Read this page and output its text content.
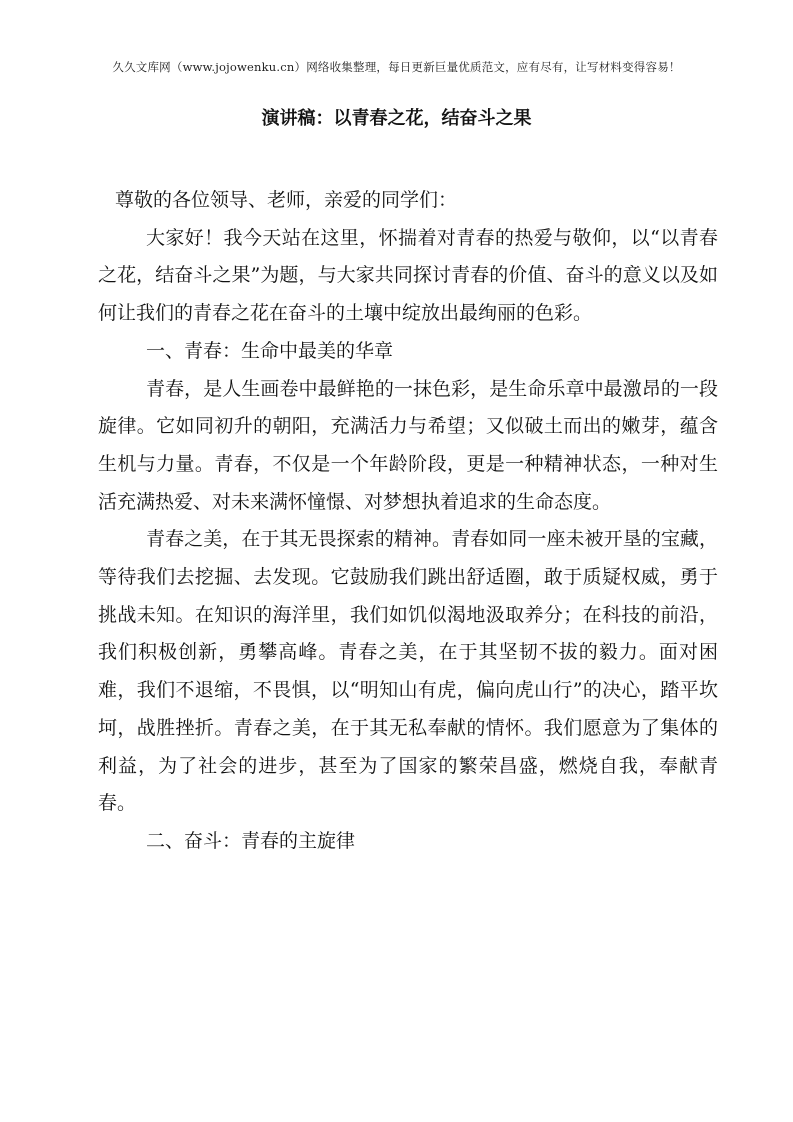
久久文库网（www.jojowenku.cn）网络收集整理，每日更新巨量优质范文，应有尽有，让写材料变得容易！
演讲稿：以青春之花，结奋斗之果

尊敬的各位领导、老师，亲爱的同学们：

大家好！我今天站在这里，怀揣着对青春的热爱与敬仰，以“以青春之花，结奋斗之果”为题，与大家共同探讨青春的价值、奋斗的意义以及如何让我们的青春之花在奋斗的土壤中绽放出最绚丽的色彩。

一、青春：生命中最美的华章

青春，是人生画卷中最鲜艳的一抹色彩，是生命乐章中最激昂的一段旋律。它如同初升的朝阳，充满活力与希望；又似破土而出的嫩芽，蕴含生机与力量。青春，不仅是一个年龄阶段，更是一种精神状态，一种对生活充满热爱、对未来满怀憧憬、对梦想执着追求的生命态度。

青春之美，在于其无畏探索的精神。青春如同一座未被开垦的宝藏，等待我们去挖掘、去发现。它鼓励我们跳出舒适圈，敢于质疑权威，勇于挑战未知。在知识的海洋里，我们如饥似渴地汲取养分；在科技的前沿，我们积极创新，勇攀高峰。青春之美，在于其坚韧不拔的毅力。面对困难，我们不退缩，不畏惧，以“明知山有虎，偏向虎山行”的决心，踏平坎坷，战胜挫折。青春之美，在于其无私奉献的情怀。我们愿意为了集体的利益，为了社会的进步，甚至为了国家的繁荣昌盛，燃烧自我，奉献青春。

二、奋斗：青春的主旋律
